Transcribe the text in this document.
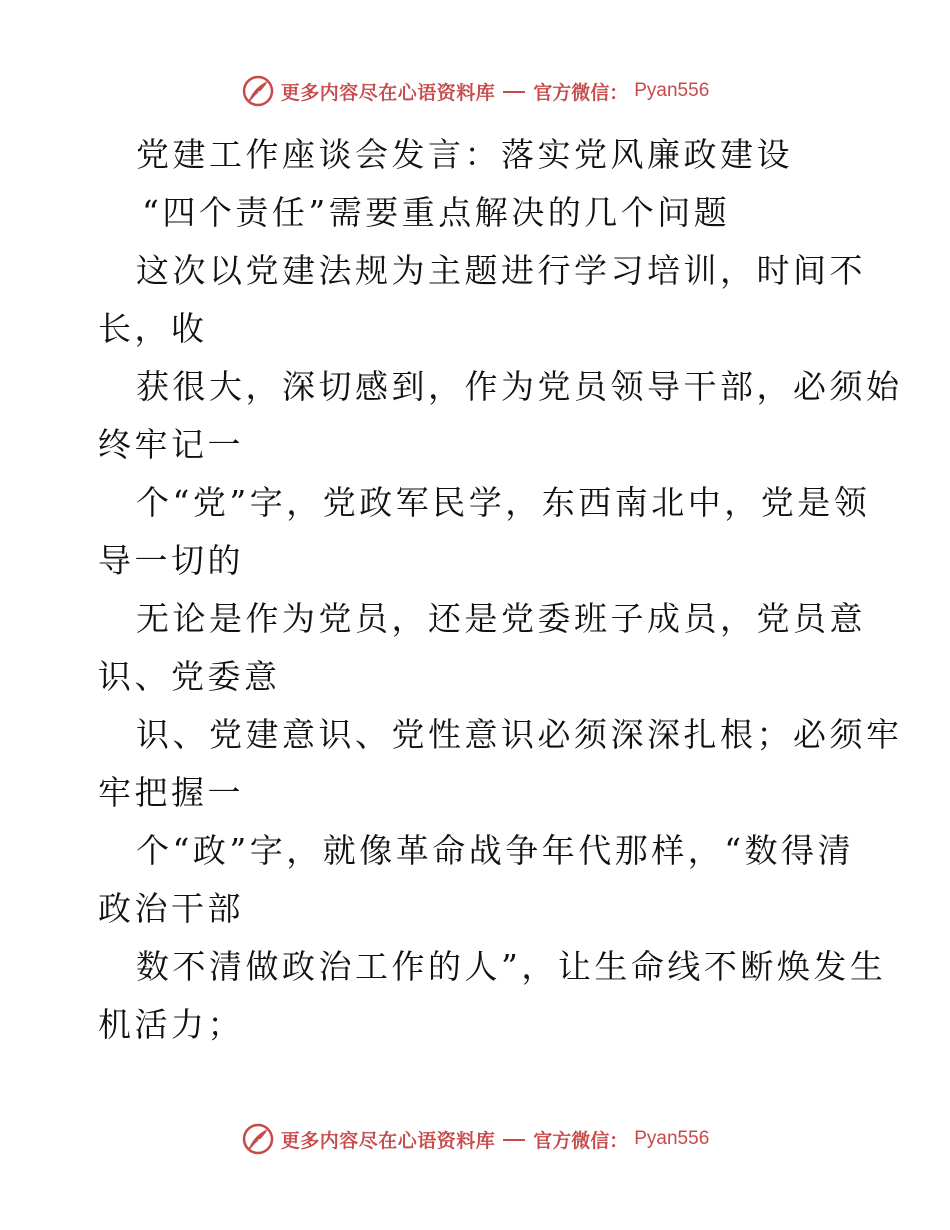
更多内容尽在心语资料库 官方微信： Pyan556
党建工作座谈会发言：落实党风廉政建设
“四个责任”需要重点解决的几个问题
这次以党建法规为主题进行学习培训，时间不
长，收
获很大，深切感到，作为党员领导干部，必须始
终牢记一
个“党”字，党政军民学，东西南北中，党是领
导一切的
无论是作为党员，还是党委班子成员，党员意
识、党委意
识、党建意识、党性意识必须深深扎根；必须牢
牢把握一
个“政”字，就像革命战争年代那样，“数得清
政治干部
数不清做政治工作的人”，让生命线不断焕发生
机活力；
更多内容尽在心语资料库 官方微信： Pyan556
